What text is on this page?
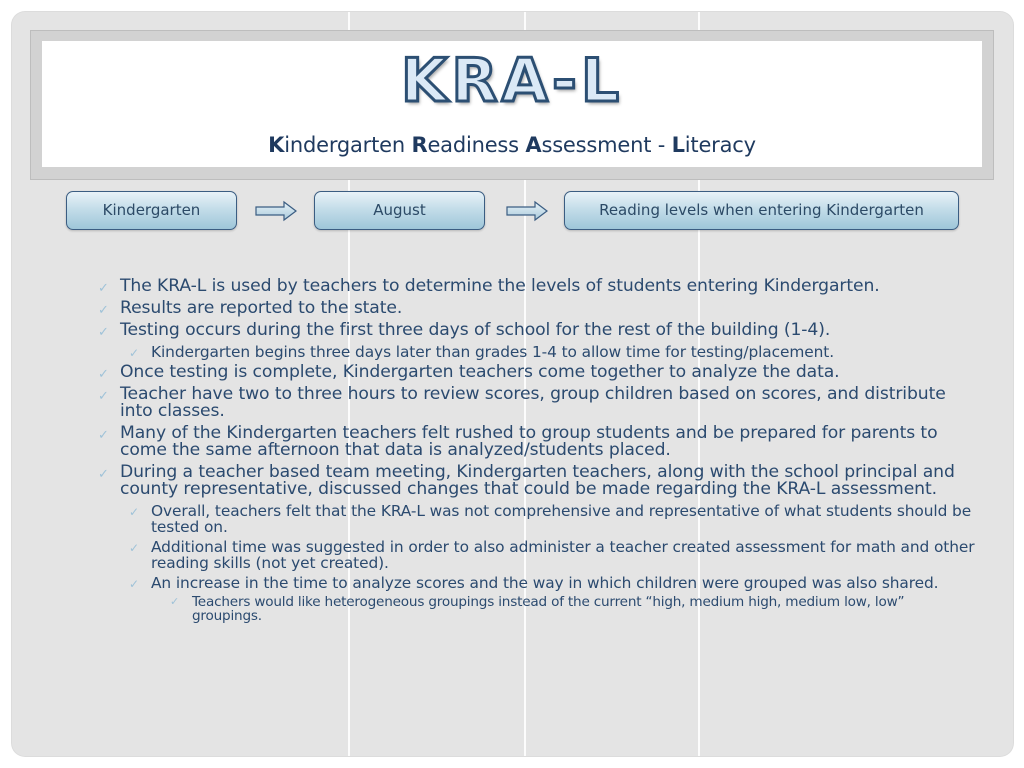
KRA-L
Kindergarten Readiness Assessment - Literacy
Kindergarten	August	Reading levels when entering Kindergarten
✓ The KRA-L is used by teachers to determine the levels of students entering Kindergarten.
✓ Results are reported to the state.
✓ Testing occurs during the first three days of school for the rest of the building (1-4).
✓ Kindergarten begins three days later than grades 1-4 to allow time for testing/placement.
✓ Once testing is complete, Kindergarten teachers come together to analyze the data.
✓ Teacher have two to three hours to review scores, group children based on scores, and distribute into classes.
✓ Many of the Kindergarten teachers felt rushed to group students and be prepared for parents to come the same afternoon that data is analyzed/students placed.
✓ During a teacher based team meeting, Kindergarten teachers, along with the school principal and county representative, discussed changes that could be made regarding the KRA-L assessment.
✓ Overall, teachers felt that the KRA-L was not comprehensive and representative of what students should be tested on.
✓ Additional time was suggested in order to also administer a teacher created assessment for math and other reading skills (not yet created).
✓ An increase in the time to analyze scores and the way in which children were grouped was also shared.
✓ Teachers would like heterogeneous groupings instead of the current “high, medium high, medium low, low” groupings.
